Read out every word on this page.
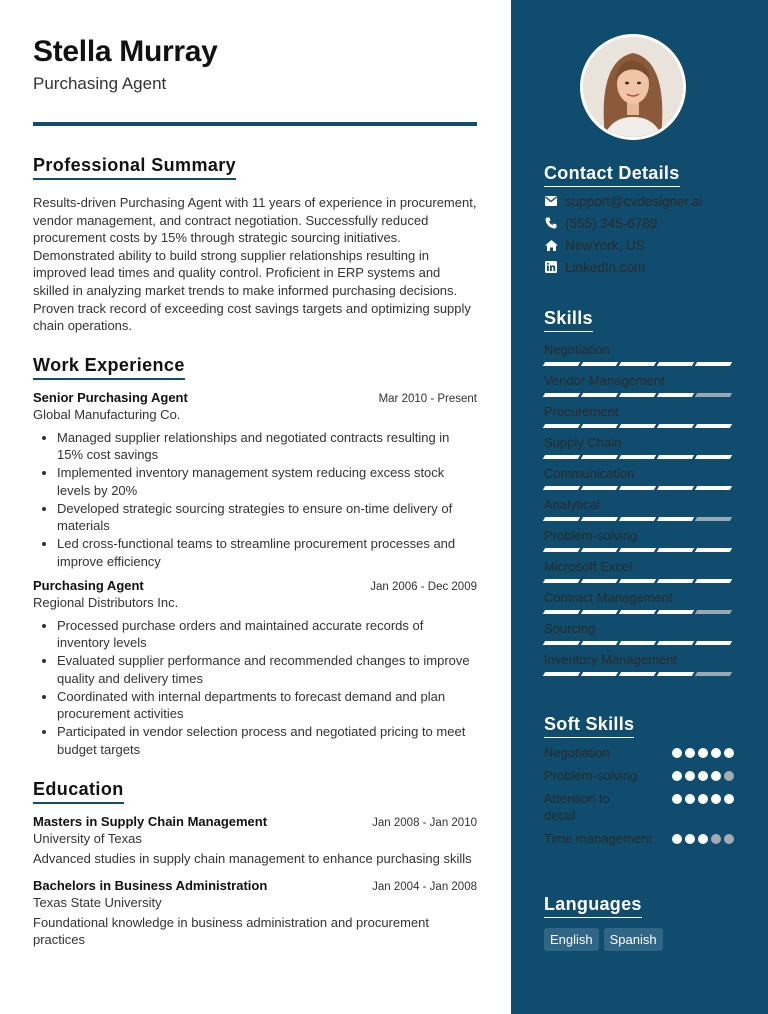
Stella Murray
Purchasing Agent
Professional Summary

Results-driven Purchasing Agent with 11 years of experience in procurement, vendor management, and contract negotiation. Successfully reduced procurement costs by 15% through strategic sourcing initiatives. Demonstrated ability to build strong supplier relationships resulting in improved lead times and quality control. Proficient in ERP systems and skilled in analyzing market trends to make informed purchasing decisions. Proven track record of exceeding cost savings targets and optimizing supply chain operations.

Work Experience
Senior Purchasing Agent	Mar 2010 - Present
Global Manufacturing Co.
• Managed supplier relationships and negotiated contracts resulting in 15% cost savings
• Implemented inventory management system reducing excess stock levels by 20%
• Developed strategic sourcing strategies to ensure on-time delivery of materials
• Led cross-functional teams to streamline procurement processes and improve efficiency
Purchasing Agent	Jan 2006 - Dec 2009
Regional Distributors Inc.
• Processed purchase orders and maintained accurate records of inventory levels
• Evaluated supplier performance and recommended changes to improve quality and delivery times
• Coordinated with internal departments to forecast demand and plan procurement activities
• Participated in vendor selection process and negotiated pricing to meet budget targets
Education
Masters in Supply Chain Management	Jan 2008 - Jan 2010
University of Texas
Advanced studies in supply chain management to enhance purchasing skills
Bachelors in Business Administration	Jan 2004 - Jan 2008
Texas State University
Foundational knowledge in business administration and procurement practices
Contact Details
support@cvdesigner.ai
(555) 345-6789
NewYork, US
LinkedIn.com
Skills
Negotiation
Vendor Management
Procurement
Supply Chain
Communication
Analytical
Problem-solving
Microsoft Excel
Contract Management
Sourcing
Inventory Management
Soft Skills
Negotiation
Problem-solving
Attention to detail
Time management
Languages
English	Spanish
